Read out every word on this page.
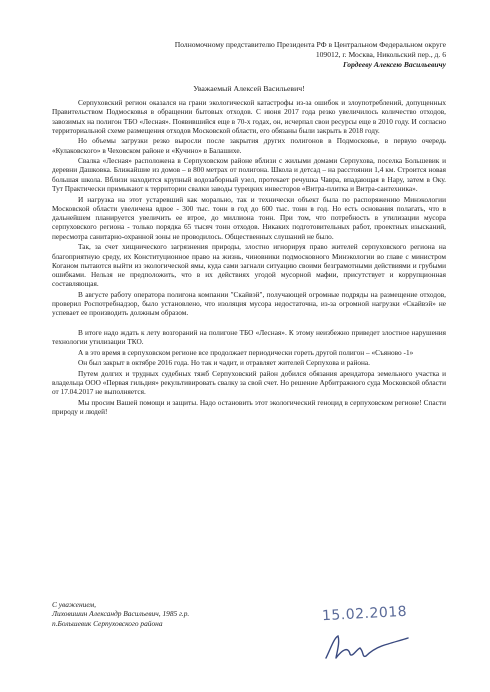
Полномочному представителю Президента РФ в Центральном Федеральном округе
109012, г. Москва, Никольский пер., д. 6
Гордееву Алексею Васильевичу
Уважаемый Алексей Васильевич!

Серпуховский регион оказался на грани экологической катастрофы из-за ошибок и злоупотреблений, допущенных Правительством Подмосковья в обращении бытовых отходов. С июня 2017 года резко увеличилось количество отходов, завозимых на полигон ТБО «Лесная». Появившийся еще в 70-х годах, он, исчерпал свои ресурсы еще в 2010 году. И согласно территориальной схеме размещения отходов Московской области, его обязаны были закрыть в 2018 году.

Но объемы загрузки резко выросли после закрытия других полигонов в Подмосковье, в первую очередь «Кулаковского» в Чеховском районе и «Кучино» в Балашихе.

Свалка «Лесная» расположена в Серпуховском районе вблизи с жилыми домами Серпухова, поселка Большевик и деревни Дашковка. Ближайшие из домов – в 800 метрах от полигона. Школа и детсад – на расстоянии 1,4 км. Строится новая большая школа. Вблизи находится крупный водозаборный узел, протекает речушка Чавра, впадающая в Нару, затем в Оку. Тут Практически примыкают к территории свалки заводы турецких инвесторов «Витра-плитка и Витра-сантехника».

И нагрузка на этот устаревший как морально, так и технически объект была по распоряжению Минэкологии Московской области увеличена вдвое - 300 тыс. тонн в год до 600 тыс. тонн в год. Но есть основания полагать, что в дальнейшем планируется увеличить ее втрое, до миллиона тонн. При том, что потребность в утилизации мусора серпуховского региона - только порядка 65 тысяч тонн отходов. Никаких подготовительных работ, проектных изысканий, пересмотра санитарно-охранной зоны не проводилось. Общественных слушаний не было.

Так, за счет хищнического загрязнения природы, злостно игнорируя право жителей серпуховского региона на благоприятную среду, их Конституционное право на жизнь, чиновники подмосковного Минэкологии во главе с министром Коганом пытаются выйти из экологической ямы, куда сами загнали ситуацию своими безграмотными действиями и грубыми ошибками. Нельзя не предположить, что в их действиях угодой мусорной мафии, присутствует и коррупционная составляющая.

В августе работу оператора полигона компании "Скайвэй", получающей огромные подряды на размещение отходов, проверил Роспотребнадзор, было установлено, что изоляция мусора недостаточна, из-за огромной нагрузки «Скайвэй» не успевает ее производить должным образом.

В итоге надо ждать к лету возгораний на полигоне ТБО «Лесная». К этому неизбежно приведет злостное нарушения технологии утилизации ТКО.

А в это время в серпуховском регионе все продолжает периодически гореть другой полигон – «Съяново -1»

Он был закрыт в октябре 2016 года. Но так и чадит, и отравляет жителей Серпухова и района.

Путем долгих и трудных судебных тяжб Серпуховский район добился обязания арендатора земельного участка и владельца ООО «Первая гильдия» рекультивировать свалку за свой счет. Но решение Арбитражного суда Московской области от 17.04.2017 не выполняется.

Мы просим Вашей помощи и защиты. Надо остановить этот экологический геноцид в серпуховском регионе! Спасти природу и людей!

С уважением,
Лиховишин Александр Васильевич, 1985 г.р.
п.Большевик Серпуховского района	15.02.2018
